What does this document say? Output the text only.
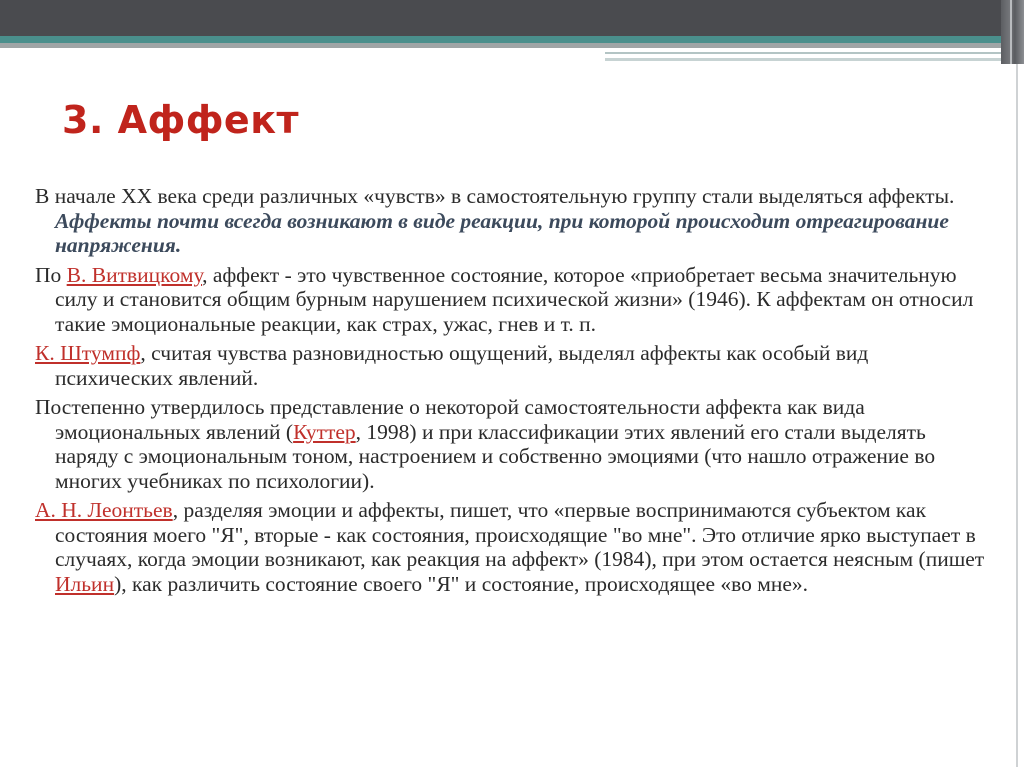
3. Аффект

В начале XX века среди различных «чувств» в самостоятельную группу стали выделяться аффекты. Аффекты почти всегда возникают в виде реакции, при которой происходит отреагирование напряжения.

По В. Витвицкому, аффект - это чувственное состояние, которое «приобретает весьма значительную силу и становится общим бурным нарушением психической жизни» (1946). К аффектам он относил такие эмоциональные реакции, как страх, ужас, гнев и т. п.

К. Штумпф, считая чувства разновидностью ощущений, выделял аффекты как особый вид психических явлений.

Постепенно утвердилось представление о некоторой самостоятельности аффекта как вида эмоциональных явлений (Куттер, 1998) и при классификации этих явлений его стали выделять наряду с эмоциональным тоном, настроением и собственно эмоциями (что нашло отражение во многих учебниках по психологии).

А. Н. Леонтьев, разделяя эмоции и аффекты, пишет, что «первые воспринимаются субъектом как состояния моего "Я", вторые - как состояния, происходящие "во мне". Это отличие ярко выступает в случаях, когда эмоции возникают, как реакция на аффект» (1984), при этом остается неясным (пишет Ильин), как различить состояние своего "Я" и состояние, происходящее «во мне».
